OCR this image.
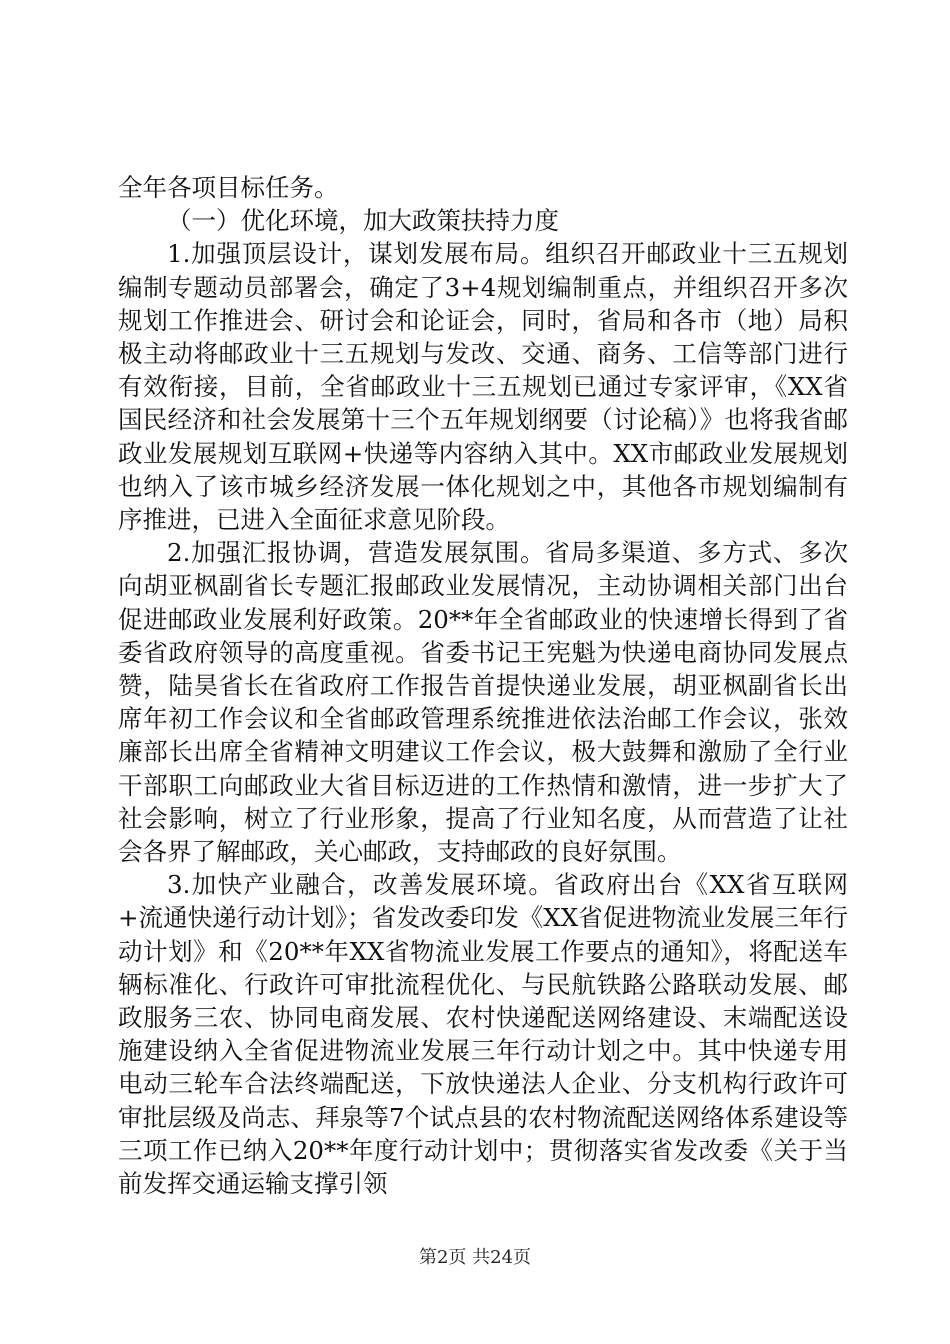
全年各项目标任务。

（一）优化环境，加大政策扶持力度

1.加强顶层设计，谋划发展布局。组织召开邮政业十三五规划编制专题动员部署会，确定了3+4规划编制重点，并组织召开多次规划工作推进会、研讨会和论证会，同时，省局和各市（地）局积极主动将邮政业十三五规划与发改、交通、商务、工信等部门进行有效衔接，目前，全省邮政业十三五规划已通过专家评审，《XX省国民经济和社会发展第十三个五年规划纲要（讨论稿）》也将我省邮政业发展规划互联网+快递等内容纳入其中。XX市邮政业发展规划也纳入了该市城乡经济发展一体化规划之中，其他各市规划编制有序推进，已进入全面征求意见阶段。

2.加强汇报协调，营造发展氛围。省局多渠道、多方式、多次向胡亚枫副省长专题汇报邮政业发展情况，主动协调相关部门出台促进邮政业发展利好政策。20**年全省邮政业的快速增长得到了省委省政府领导的高度重视。省委书记王宪魁为快递电商协同发展点赞，陆昊省长在省政府工作报告首提快递业发展，胡亚枫副省长出席年初工作会议和全省邮政管理系统推进依法治邮工作会议，张效廉部长出席全省精神文明建议工作会议，极大鼓舞和激励了全行业干部职工向邮政业大省目标迈进的工作热情和激情，进一步扩大了社会影响，树立了行业形象，提高了行业知名度，从而营造了让社会各界了解邮政，关心邮政，支持邮政的良好氛围。

3.加快产业融合，改善发展环境。省政府出台《XX省互联网+流通快递行动计划》；省发改委印发《XX省促进物流业发展三年行动计划》和《20**年XX省物流业发展工作要点的通知》，将配送车辆标准化、行政许可审批流程优化、与民航铁路公路联动发展、邮政服务三农、协同电商发展、农村快递配送网络建设、末端配送设施建设纳入全省促进物流业发展三年行动计划之中。其中快递专用电动三轮车合法终端配送，下放快递法人企业、分支机构行政许可审批层级及尚志、拜泉等7个试点县的农村物流配送网络体系建设等三项工作已纳入20**年度行动计划中；贯彻落实省发改委《关于当前发挥交通运输支撑引领

第2页 共24页
